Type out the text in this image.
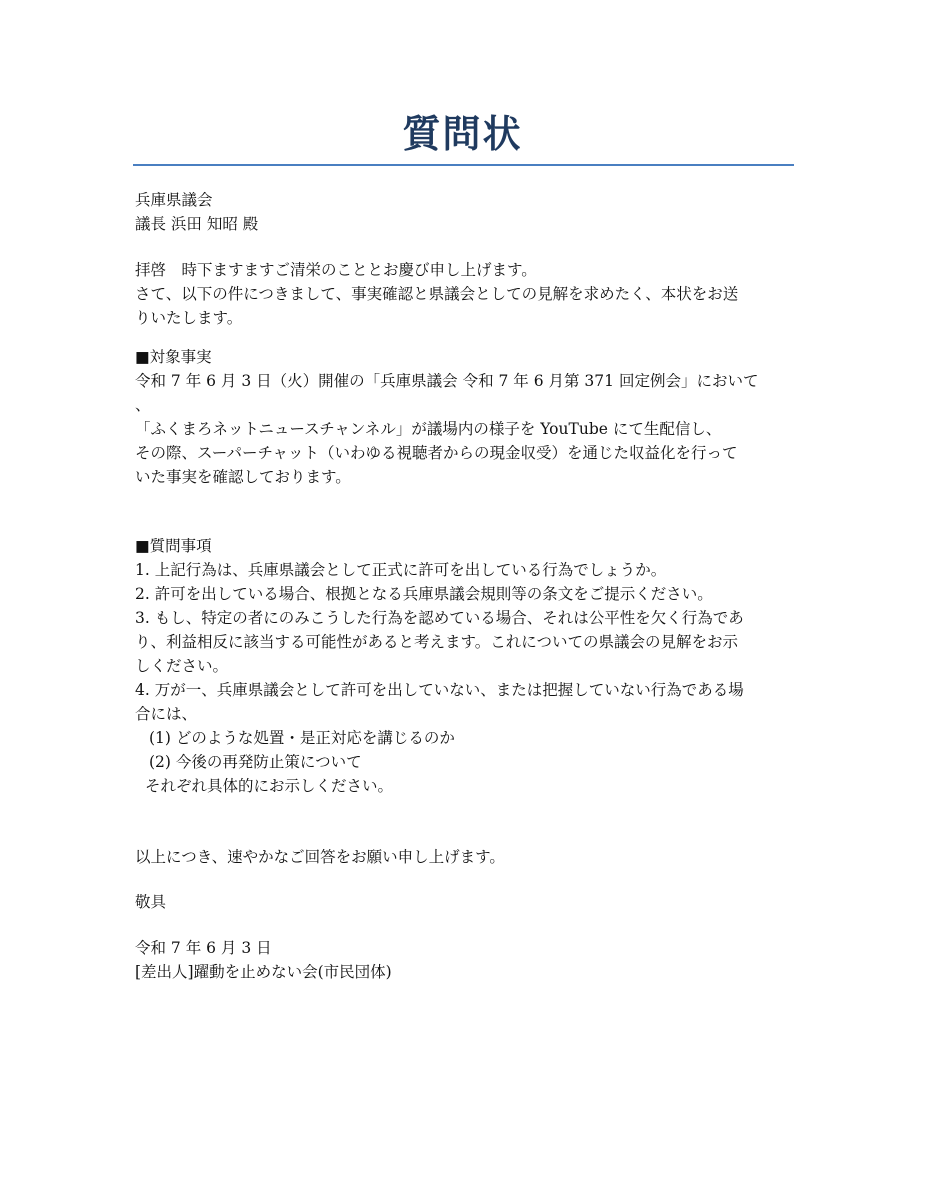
質問状
兵庫県議会
議長 浜田 知昭 殿
拝啓　時下ますますご清栄のこととお慶び申し上げます。
さて、以下の件につきまして、事実確認と県議会としての見解を求めたく、本状をお送
りいたします。
■対象事実
令和 7 年 6 月 3 日（火）開催の「兵庫県議会 令和 7 年 6 月第 371 回定例会」において
、
「ふくまろネットニュースチャンネル」が議場内の様子を YouTube にて生配信し、
その際、スーパーチャット（いわゆる視聴者からの現金収受）を通じた収益化を行って
いた事実を確認しております。
■質問事項
1. 上記行為は、兵庫県議会として正式に許可を出している行為でしょうか。
2. 許可を出している場合、根拠となる兵庫県議会規則等の条文をご提示ください。
3. もし、特定の者にのみこうした行為を認めている場合、それは公平性を欠く行為であ
り、利益相反に該当する可能性があると考えます。これについての県議会の見解をお示
しください。
4. 万が一、兵庫県議会として許可を出していない、または把握していない行為である場
合には、
(1) どのような処置・是正対応を講じるのか
(2) 今後の再発防止策について
それぞれ具体的にお示しください。
以上につき、速やかなご回答をお願い申し上げます。
敬具
令和 7 年 6 月 3 日
[差出人]躍動を止めない会(市民団体)
